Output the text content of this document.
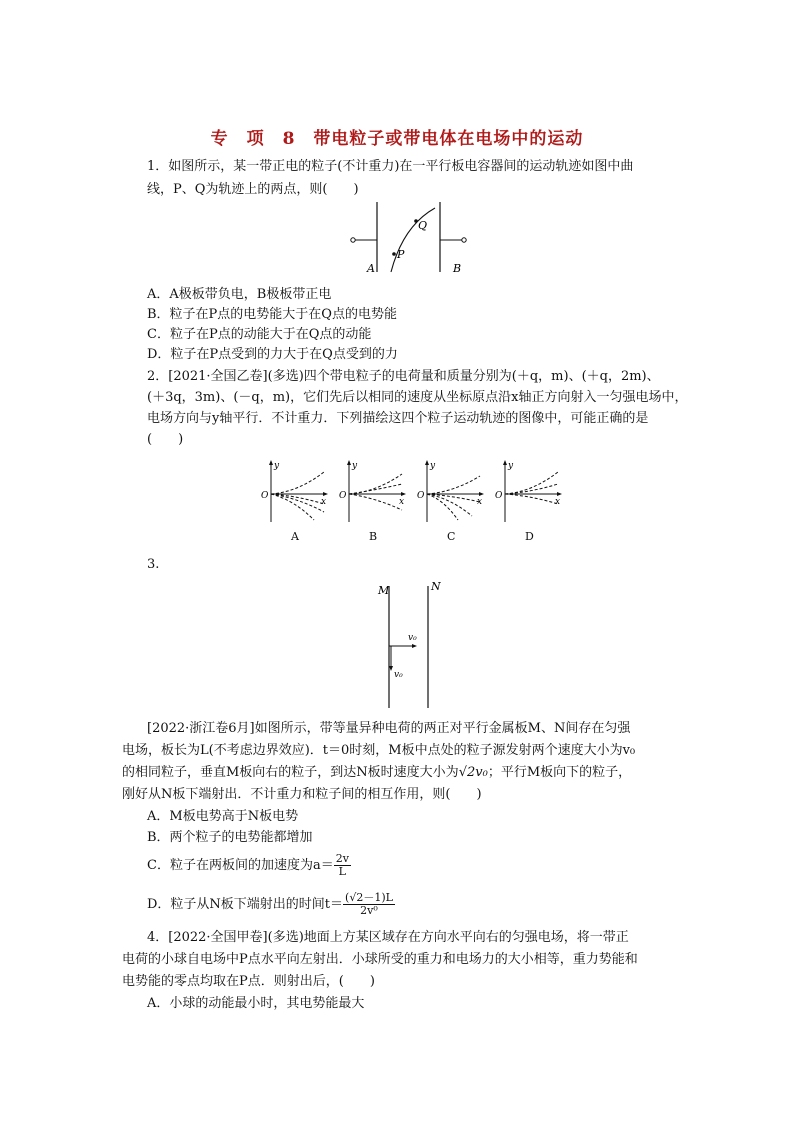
专　项　8　带电粒子或带电体在电场中的运动
1．如图所示，某一带正电的粒子(不计重力)在一平行板电容器间的运动轨迹如图中曲
线，P、Q为轨迹上的两点，则(　　)
P
Q
A	B
A．A极板带负电，B极板带正电
B．粒子在P点的电势能大于在Q点的电势能
C．粒子在P点的动能大于在Q点的动能
D．粒子在P点受到的力大于在Q点受到的力
2．[2021·全国乙卷](多选)四个带电粒子的电荷量和质量分别为(＋q，m)、(＋q，2m)、
(＋3q，3m)、(－q，m)，它们先后以相同的速度从坐标原点沿x轴正方向射入一匀强电场中，
电场方向与y轴平行．不计重力．下列描绘这四个粒子运动轨迹的图像中，可能正确的是
(　　)
y
x
O
A
y
x
O
B
y
x
O
C
y
x
O
D
3.
M	N
v₀
v₀
[2022·浙江卷6月]如图所示，带等量异种电荷的两正对平行金属板M、N间存在匀强
电场，板长为L(不考虑边界效应)．t＝0时刻，M板中点处的粒子源发射两个速度大小为v₀
的相同粒子，垂直M板向右的粒子，到达N板时速度大小为√2v₀；平行M板向下的粒子，
刚好从N板下端射出．不计重力和粒子间的相互作用，则(　　)
A．M板电势高于N板电势
B．两个粒子的电势能都增加
C．粒子在两板间的加速度为$a= \frac{2v}{L}$
D．粒子从N板下端射出的时间$t= \frac{(√2-1)L}{\text{2v⁰}}$
4．[2022·全国甲卷](多选)地面上方某区域存在方向水平向右的匀强电场，将一带正
电荷的小球自电场中P点水平向左射出．小球所受的重力和电场力的大小相等，重力势能和
电势能的零点均取在P点．则射出后，(　　)
A．小球的动能最小时，其电势能最大
